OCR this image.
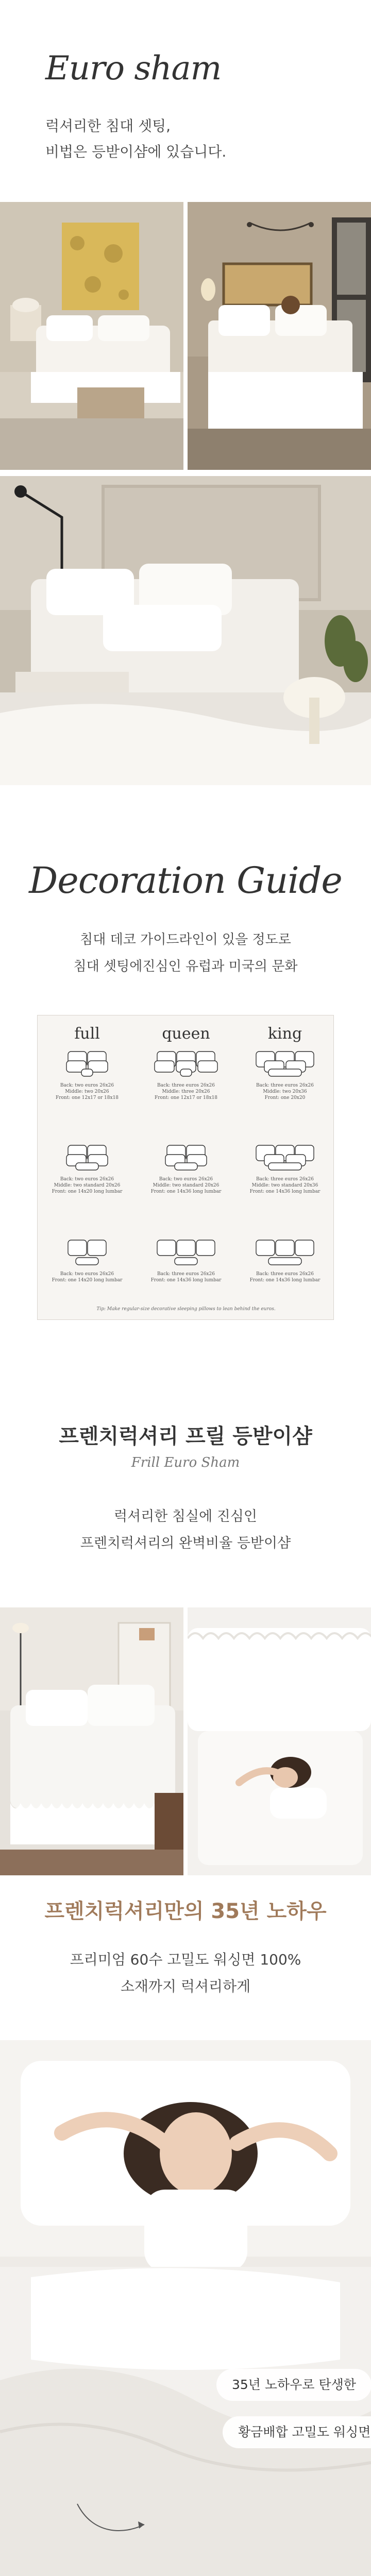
Euro sham
럭셔리한 침대 셋팅,
비법은 등받이샴에 있습니다.
Decoration Guide
침대 데코 가이드라인이 있을 정도로
침대 셋팅에진심인 유럽과 미국의 문화
full	queen	king
Back: two euros 26x26
Middle: two 20x26
Front: one 12x17 or 18x18
Back: three euros 26x26
Middle: three 20x26
Front: one 12x17 or 18x18
Back: three euros 26x26
Middle: two 20x36
Front: one 20x20
Back: two euros 26x26
Middle: two standard 20x26
Front: one 14x20 long lumbar
Back: two euros 26x26
Middle: two standard 20x26
Front: one 14x36 long lumbar
Back: three euros 26x26
Middle: two standard 20x36
Front: one 14x36 long lumbar
Back: two euros 26x26
Front: one 14x20 long lumbar
Back: three euros 26x26
Front: one 14x36 long lumbar
Back: three euros 26x26
Front: one 14x36 long lumbar
Tip: Make regular-size decorative sleeping pillows to lean behind the euros.
프렌치럭셔리 프릴 등받이샴
Frill Euro Sham
럭셔리한 침실에 진심인
프렌치럭셔리의 완벽비율 등받이샴
프렌치럭셔리만의 35년 노하우
프리미엄 60수 고밀도 워싱면 100%
소재까지 럭셔리하게
35년 노하우로 탄생한
황금배합 고밀도 워싱면
